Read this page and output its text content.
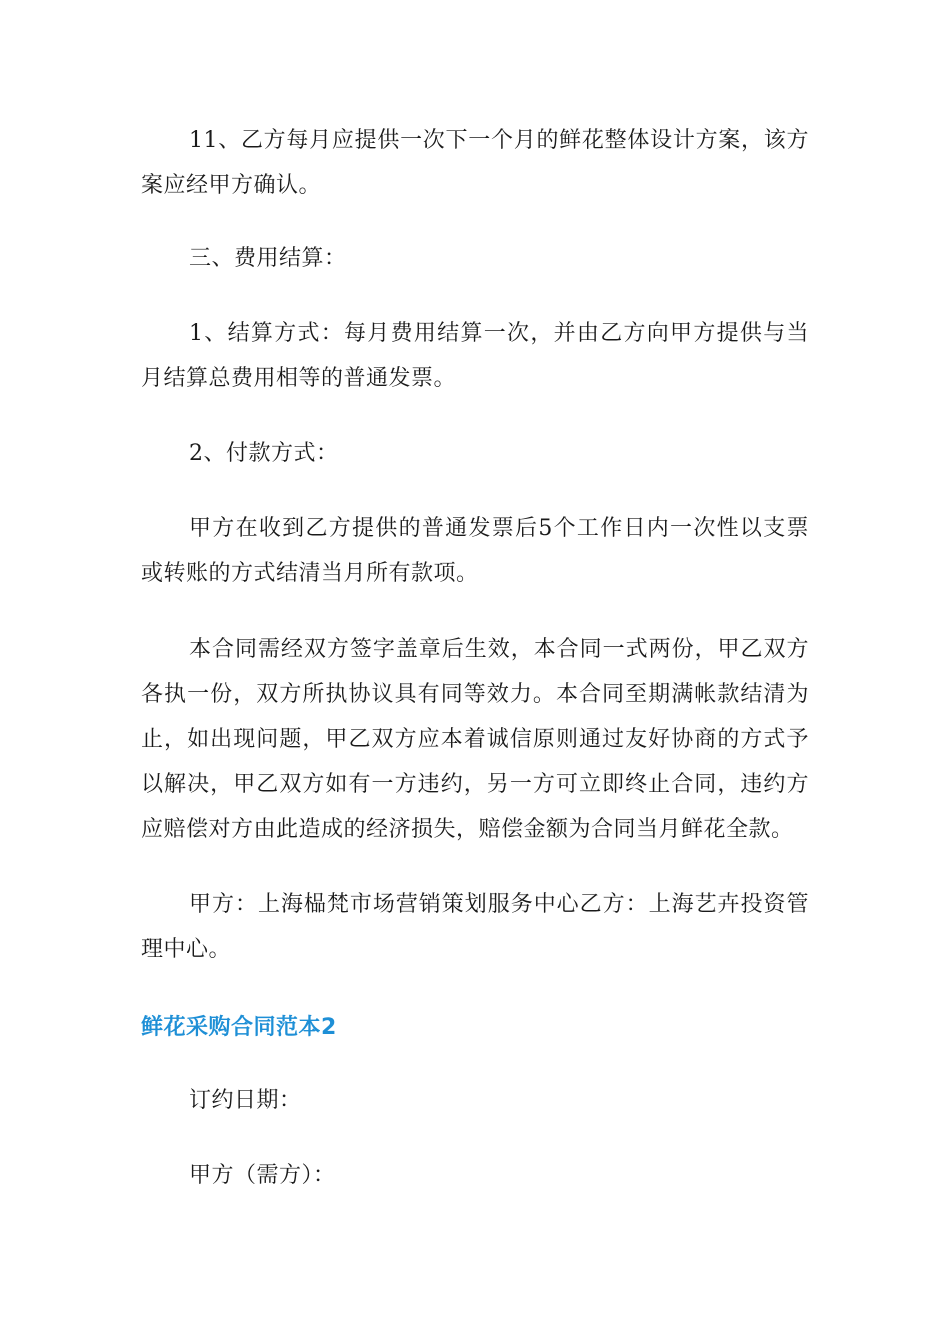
11、乙方每月应提供一次下一个月的鲜花整体设计方案，该方案应经甲方确认。

三、费用结算：

1、结算方式：每月费用结算一次，并由乙方向甲方提供与当月结算总费用相等的普通发票。

2、付款方式：

甲方在收到乙方提供的普通发票后5个工作日内一次性以支票或转账的方式结清当月所有款项。

本合同需经双方签字盖章后生效，本合同一式两份，甲乙双方各执一份，双方所执协议具有同等效力。本合同至期满帐款结清为止，如出现问题，甲乙双方应本着诚信原则通过友好协商的方式予以解决，甲乙双方如有一方违约，另一方可立即终止合同，违约方应赔偿对方由此造成的经济损失，赔偿金额为合同当月鲜花全款。

甲方：上海榀梵市场营销策划服务中心乙方：上海艺卉投资管理中心。

鲜花采购合同范本2

订约日期：

甲方（需方）：
